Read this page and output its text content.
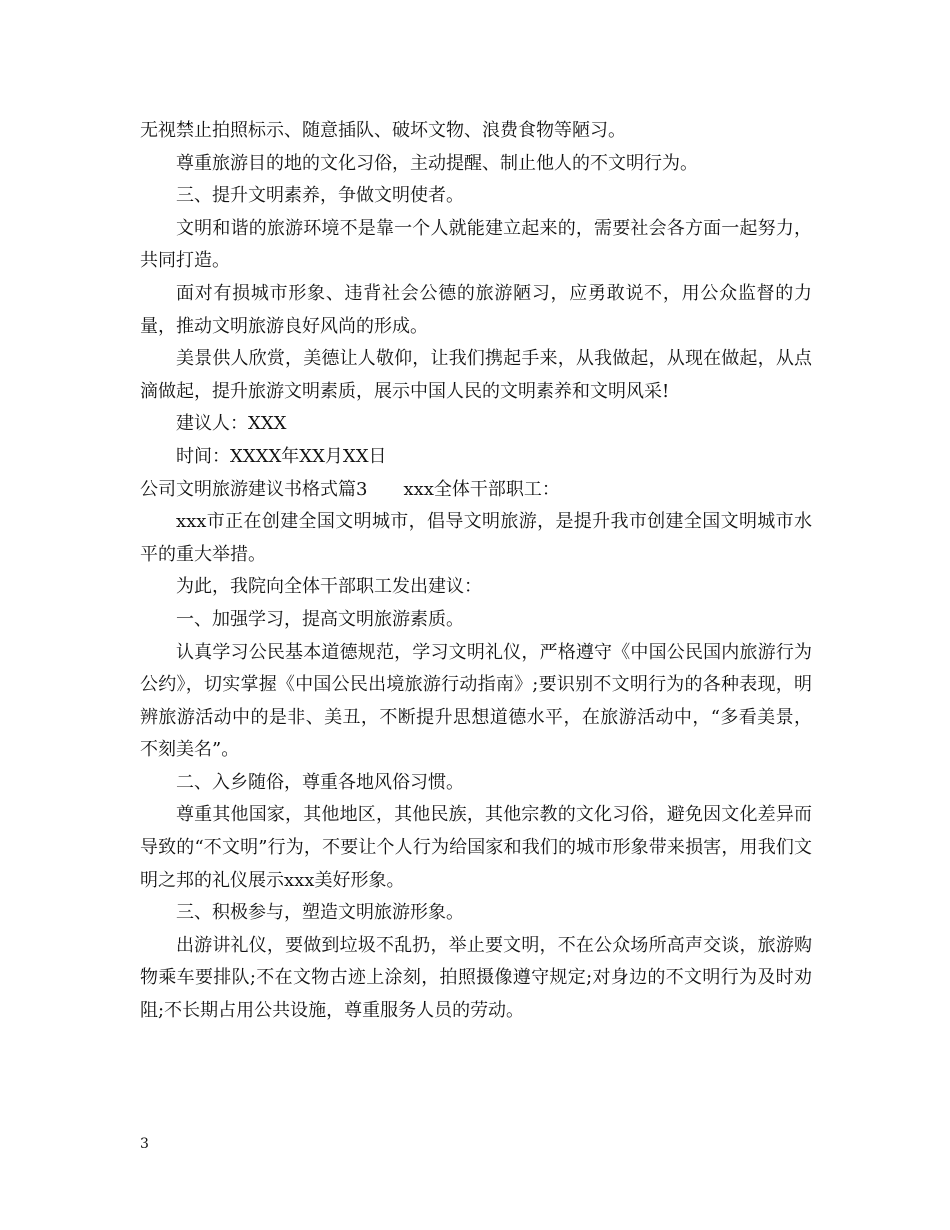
无视禁止拍照标示、随意插队、破坏文物、浪费食物等陋习。

尊重旅游目的地的文化习俗，主动提醒、制止他人的不文明行为。

三、提升文明素养，争做文明使者。

文明和谐的旅游环境不是靠一个人就能建立起来的，需要社会各方面一起努力，共同打造。

面对有损城市形象、违背社会公德的旅游陋习，应勇敢说不，用公众监督的力量，推动文明旅游良好风尚的形成。

美景供人欣赏，美德让人敬仰，让我们携起手来，从我做起，从现在做起，从点滴做起，提升旅游文明素质，展示中国人民的文明素养和文明风采!

建议人：XXX

时间：XXXX年XX月XX日

公司文明旅游建议书格式篇3　　xxx全体干部职工：

xxx市正在创建全国文明城市，倡导文明旅游，是提升我市创建全国文明城市水平的重大举措。

为此，我院向全体干部职工发出建议：

一、加强学习，提高文明旅游素质。

认真学习公民基本道德规范，学习文明礼仪，严格遵守《中国公民国内旅游行为公约》，切实掌握《中国公民出境旅游行动指南》;要识别不文明行为的各种表现，明辨旅游活动中的是非、美丑，不断提升思想道德水平，在旅游活动中，“多看美景，不刻美名”。

二、入乡随俗，尊重各地风俗习惯。

尊重其他国家，其他地区，其他民族，其他宗教的文化习俗，避免因文化差异而导致的“不文明”行为，不要让个人行为给国家和我们的城市形象带来损害，用我们文明之邦的礼仪展示xxx美好形象。

三、积极参与，塑造文明旅游形象。

出游讲礼仪，要做到垃圾不乱扔，举止要文明，不在公众场所高声交谈，旅游购物乘车要排队;不在文物古迹上涂刻，拍照摄像遵守规定;对身边的不文明行为及时劝阻;不长期占用公共设施，尊重服务人员的劳动。

3
